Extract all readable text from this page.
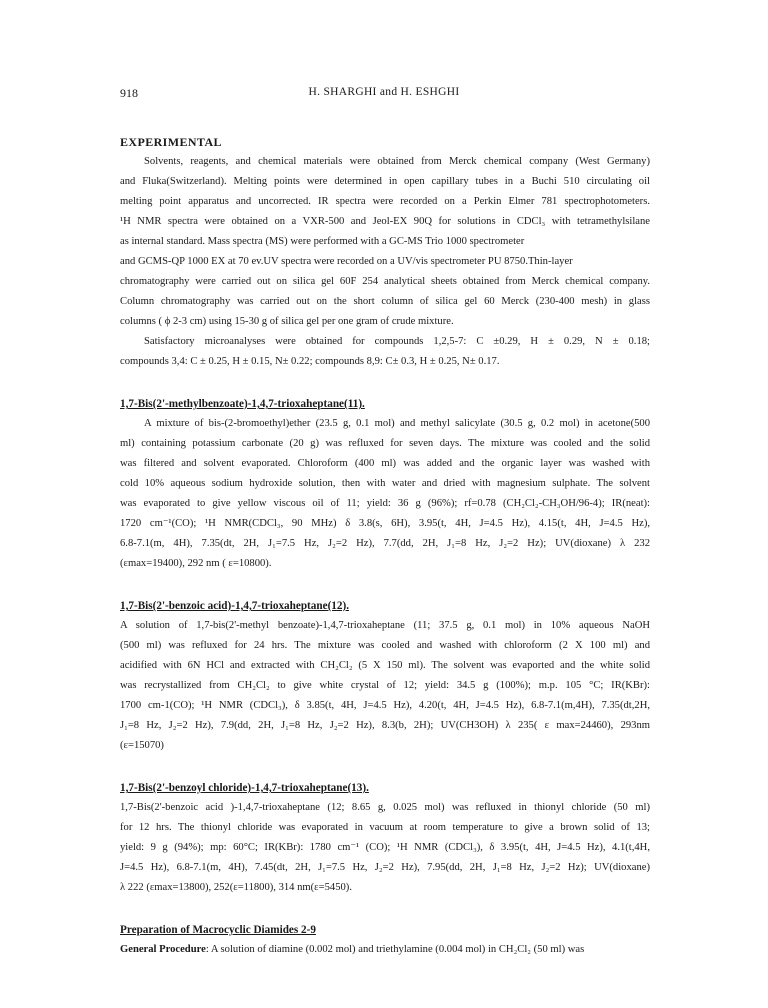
918	H. SHARGHI and H. ESHGHI

EXPERIMENTAL

Solvents, reagents, and chemical materials were obtained from Merck chemical company (West Germany)
and Fluka(Switzerland). Melting points were determined in open capillary tubes in a Buchi 510 circulating oil
melting point apparatus and uncorrected. IR spectra were recorded on a Perkin Elmer 781 spectrophotometers.
¹H NMR spectra were obtained on a VXR-500 and Jeol-EX 90Q for solutions in CDCl₃ with tetramethylsilane
as internal standard. Mass spectra (MS) were performed with a GC-MS Trio 1000 spectrometer
and GCMS-QP 1000 EX at 70 ev.UV spectra were recorded on a UV/vis spectrometer PU 8750.Thin-layer
chromatography were carried out on silica gel 60F 254 analytical sheets obtained from Merck chemical company.
Column chromatography was carried out on the short column of silica gel 60 Merck (230-400 mesh) in glass
columns ( ϕ 2-3 cm) using 15-30 g of silica gel per one gram of crude mixture.

Satisfactory microanalyses were obtained for compounds 1,2,5-7: C ±0.29, H ± 0.29, N ± 0.18;
compounds 3,4: C ± 0.25, H ± 0.15, N± 0.22; compounds 8,9: C± 0.3, H ± 0.25, N± 0.17.

1,7-Bis(2'-methylbenzoate)-1,4,7-trioxaheptane(11).

A mixture of bis-(2-bromoethyl)ether (23.5 g, 0.1 mol) and methyl salicylate (30.5 g, 0.2 mol) in acetone(500
ml) containing potassium carbonate (20 g) was refluxed for seven days. The mixture was cooled and the solid
was filtered and solvent evaporated. Chloroform (400 ml) was added and the organic layer was washed with
cold 10% aqueous sodium hydroxide solution, then with water and dried with magnesium sulphate. The solvent
was evaporated to give yellow viscous oil of 11; yield: 36 g (96%); rf=0.78 (CH₂Cl₂-CH₃OH/96-4); IR(neat):
1720 cm⁻¹(CO); ¹H NMR(CDCl₃, 90 MHz) δ 3.8(s, 6H), 3.95(t, 4H, J=4.5 Hz), 4.15(t, 4H, J=4.5 Hz),
6.8-7.1(m, 4H), 7.35(dt, 2H, J₁=7.5 Hz, J₂=2 Hz), 7.7(dd, 2H, J₁=8 Hz, J₂=2 Hz); UV(dioxane) λ 232
(εmax=19400), 292 nm ( ε=10800).

1,7-Bis(2'-benzoic acid)-1,4,7-trioxaheptane(12).

A solution of 1,7-bis(2'-methyl benzoate)-1,4,7-trioxaheptane (11; 37.5 g, 0.1 mol) in 10% aqueous NaOH
(500 ml) was refluxed for 24 hrs. The mixture was cooled and washed with chloroform (2 X 100 ml) and
acidified with 6N HCl and extracted with CH₂Cl₂ (5 X 150 ml). The solvent was evaported and the white solid
was recrystallized from CH₂Cl₂ to give white crystal of 12; yield: 34.5 g (100%); m.p. 105 °C; IR(KBr):
1700 cm-1(CO); ¹H NMR (CDCl₃), δ 3.85(t, 4H, J=4.5 Hz), 4.20(t, 4H, J=4.5 Hz), 6.8-7.1(m,4H), 7.35(dt,2H,
J₁=8 Hz, J₂=2 Hz), 7.9(dd, 2H, J₁=8 Hz, J₂=2 Hz), 8.3(b, 2H); UV(CH3OH) λ 235( ε max=24460), 293nm
(ε=15070)

1,7-Bis(2'-benzoyl chloride)-1,4,7-trioxaheptane(13).

1,7-Bis(2'-benzoic acid )-1,4,7-trioxaheptane (12; 8.65 g, 0.025 mol) was refluxed in thionyl chloride (50 ml)
for 12 hrs. The thionyl chloride was evaporated in vacuum at room temperature to give a brown solid of 13;
yield: 9 g (94%); mp: 60°C; IR(KBr): 1780 cm⁻¹ (CO); ¹H NMR (CDCl₃), δ 3.95(t, 4H, J=4.5 Hz), 4.1(t,4H,
J=4.5 Hz), 6.8-7.1(m, 4H), 7.45(dt, 2H, J₁=7.5 Hz, J₂=2 Hz), 7.95(dd, 2H, J₁=8 Hz, J₂=2 Hz); UV(dioxane)
λ 222 (εmax=13800), 252(ε=11800), 314 nm(ε=5450).

Preparation of Macrocyclic Diamides 2-9

General Procedure: A solution of diamine (0.002 mol) and triethylamine (0.004 mol) in CH₂Cl₂ (50 ml) was
